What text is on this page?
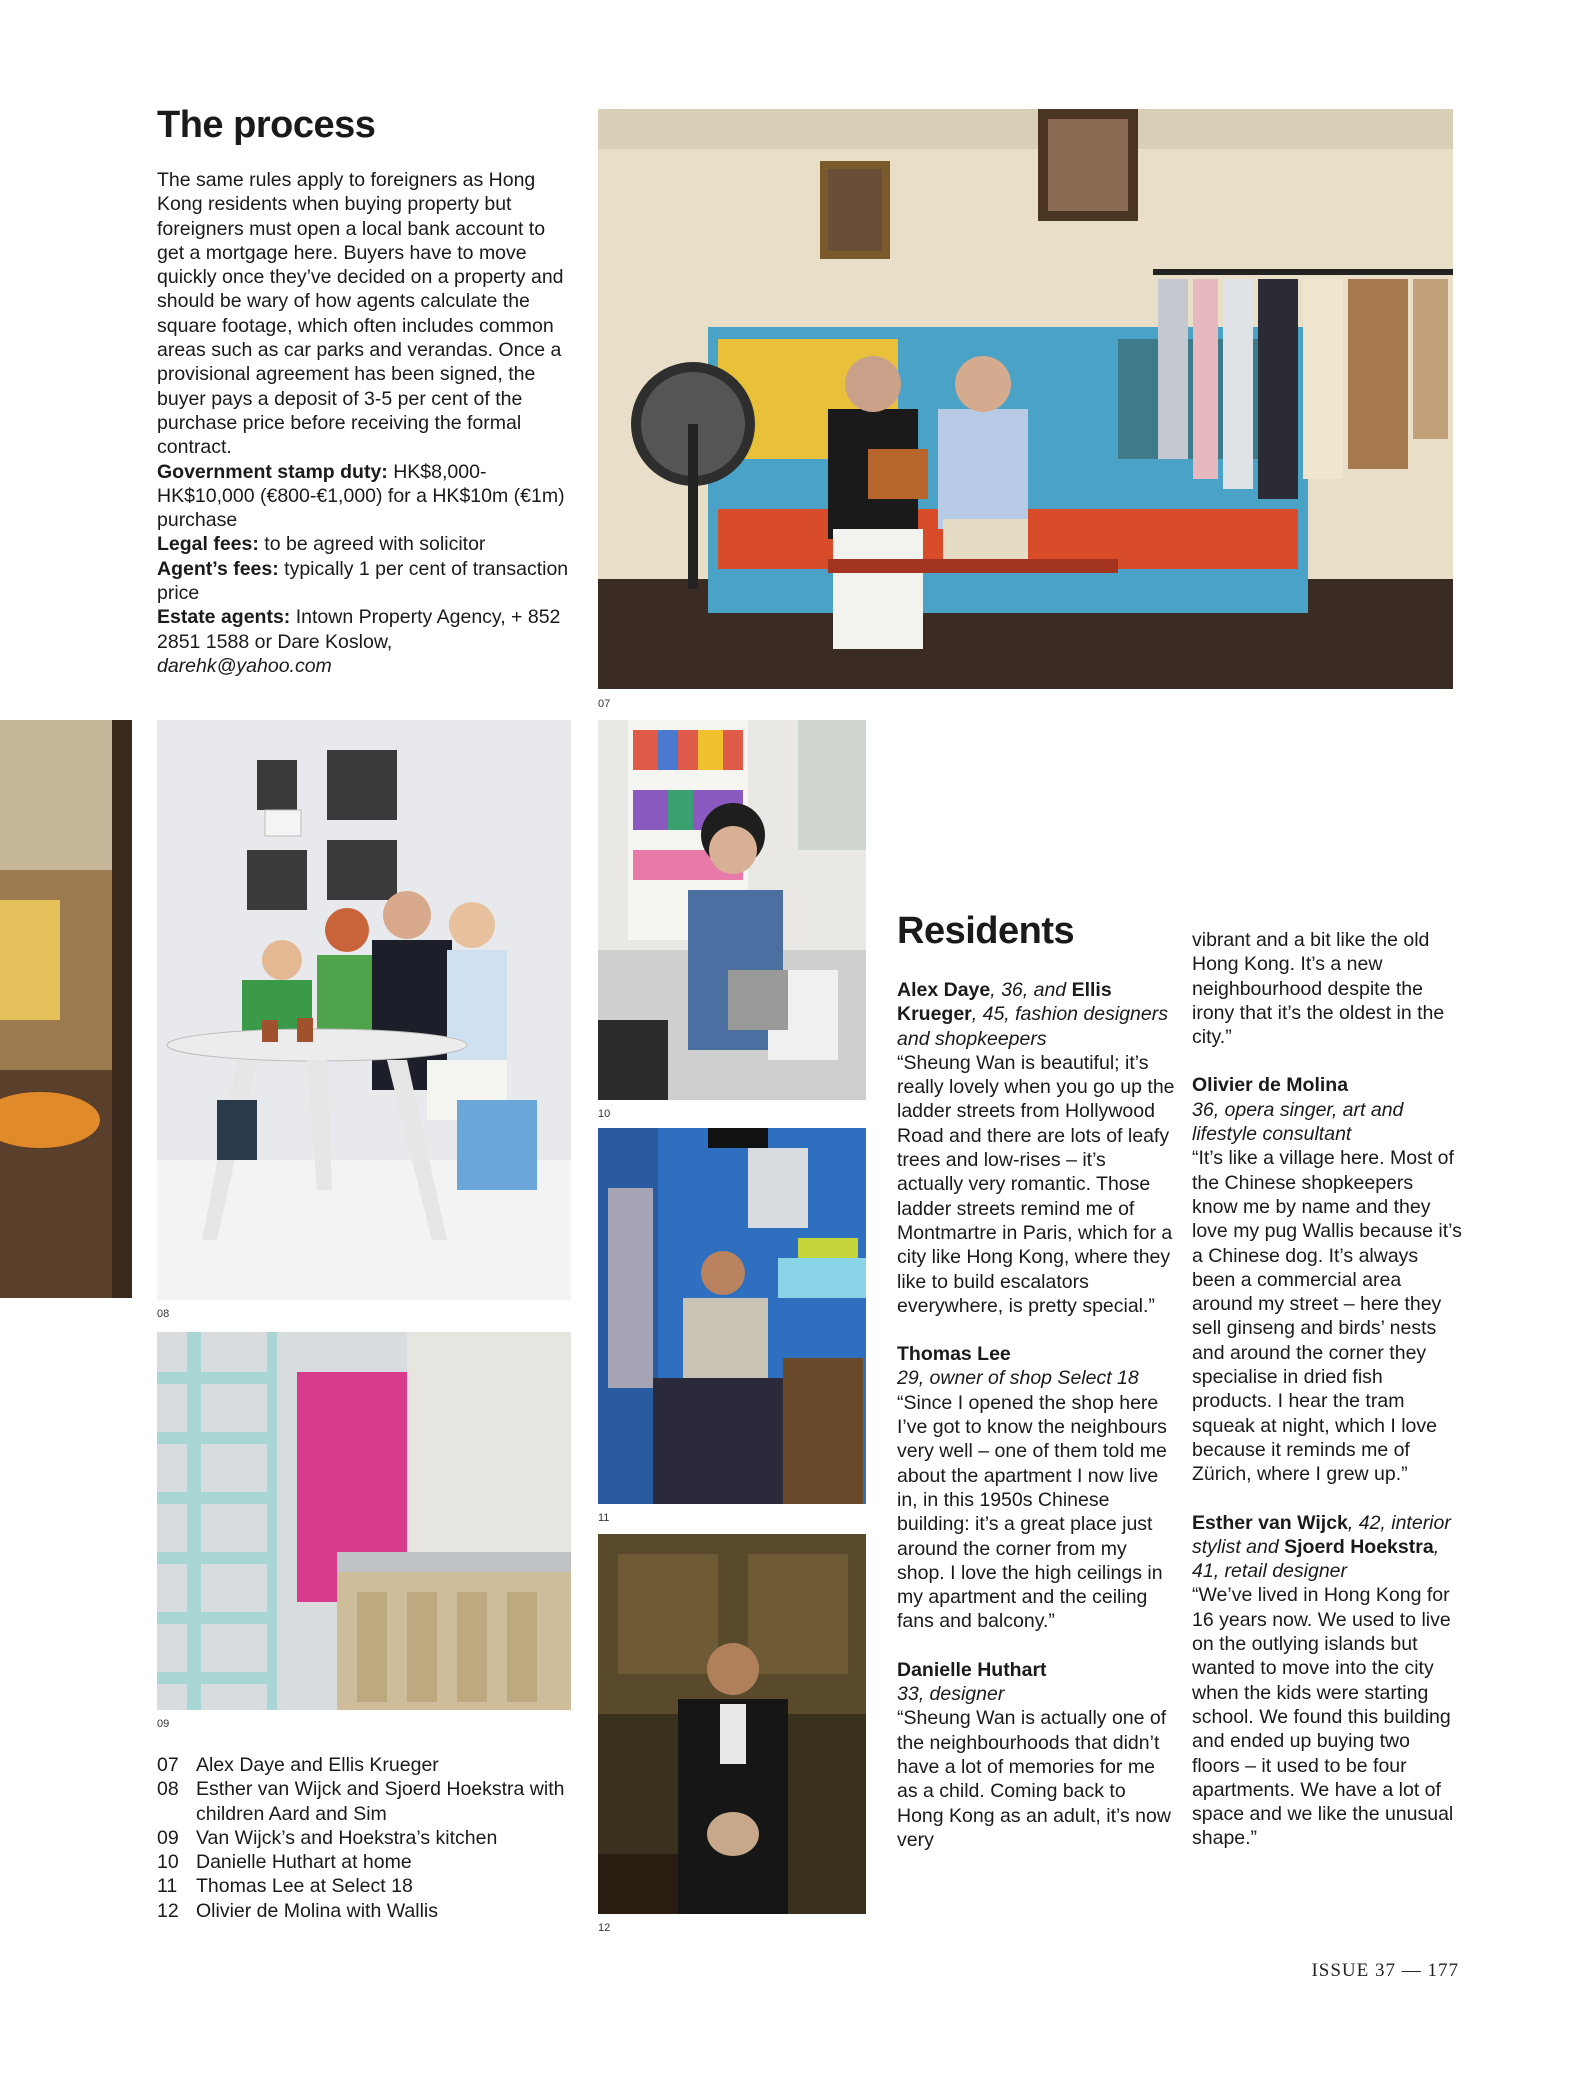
The process
The same rules apply to foreigners as Hong Kong residents when buying property but foreigners must open a local bank account to get a mortgage here. Buyers have to move quickly once they’ve decided on a property and should be wary of how agents calculate the square footage, which often includes common areas such as car parks and verandas. Once a provisional agreement has been signed, the buyer pays a deposit of 3-5 per cent of the purchase price before receiving the formal contract.
Government stamp duty: HK$8,000-HK$10,000 (€800-€1,000) for a HK$10m (€1m) purchase
Legal fees: to be agreed with solicitor
Agent’s fees: typically 1 per cent of transaction price
Estate agents: Intown Property Agency, + 852 2851 1588 or Dare Koslow,
darehk@yahoo.com
07
08
09
10
11
12
Residents

Alex Daye, 36, and Ellis Krueger, 45, fashion designers and shopkeepers
“Sheung Wan is beautiful; it’s really lovely when you go up the ladder streets from Hollywood Road and there are lots of leafy trees and low-rises – it’s actually very romantic. Those ladder streets remind me of Montmartre in Paris, which for a city like Hong Kong, where they like to build escalators everywhere, is pretty special.”

Thomas Lee
29, owner of shop Select 18
“Since I opened the shop here I’ve got to know the neighbours very well – one of them told me about the apartment I now live in, in this 1950s Chinese building: it’s a great place just around the corner from my shop. I love the high ceilings in my apartment and the ceiling fans and balcony.”

Danielle Huthart
33, designer
“Sheung Wan is actually one of the neighbourhoods that didn’t have a lot of memories for me as a child. Coming back to Hong Kong as an adult, it’s now very

vibrant and a bit like the old Hong Kong. It’s a new neighbourhood despite the irony that it’s the oldest in the city.”

Olivier de Molina
36, opera singer, art and lifestyle consultant
“It’s like a village here. Most of the Chinese shopkeepers know me by name and they love my pug Wallis because it’s a Chinese dog. It’s always been a commercial area around my street – here they sell ginseng and birds’ nests and around the corner they specialise in dried fish products. I hear the tram squeak at night, which I love because it reminds me of Zürich, where I grew up.”

Esther van Wijck, 42, interior stylist and Sjoerd Hoekstra, 41, retail designer
“We’ve lived in Hong Kong for 16 years now. We used to live on the outlying islands but wanted to move into the city when the kids were starting school. We found this building and ended up buying two floors – it used to be four apartments. We have a lot of space and we like the unusual shape.”

07 Alex Daye and Ellis Krueger
08 Esther van Wijck and Sjoerd Hoekstra with children Aard and Sim
09 Van Wijck’s and Hoekstra’s kitchen
10 Danielle Huthart at home
11 Thomas Lee at Select 18
12 Olivier de Molina with Wallis
ISSUE 37 — 177
